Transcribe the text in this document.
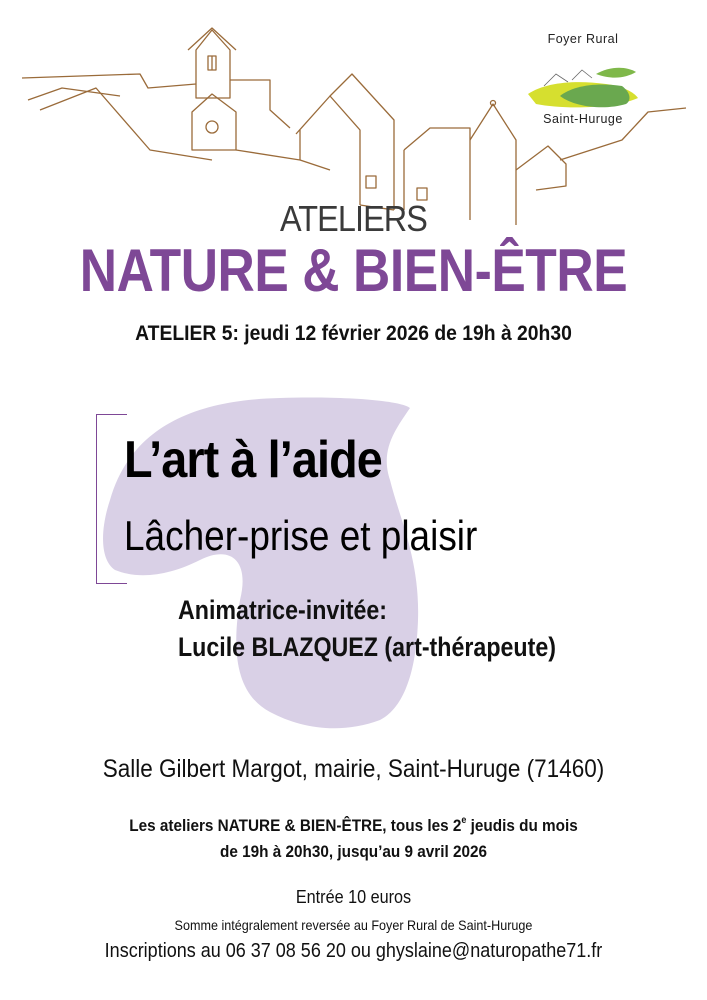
Foyer Rural
Saint-Huruge
ATELIERS
NATURE & BIEN-ÊTRE
ATELIER 5: jeudi 12 février 2026 de 19h à 20h30
L’art à l’aide
Lâcher-prise et plaisir
Animatrice-invitée:
Lucile BLAZQUEZ (art-thérapeute)
Salle Gilbert Margot, mairie, Saint-Huruge (71460)
Les ateliers NATURE & BIEN-ÊTRE, tous les 2e jeudis du mois
de 19h à 20h30, jusqu’au 9 avril 2026
Entrée 10 euros
Somme intégralement reversée au Foyer Rural de Saint-Huruge
Inscriptions au 06 37 08 56 20 ou ghyslaine@naturopathe71.fr
